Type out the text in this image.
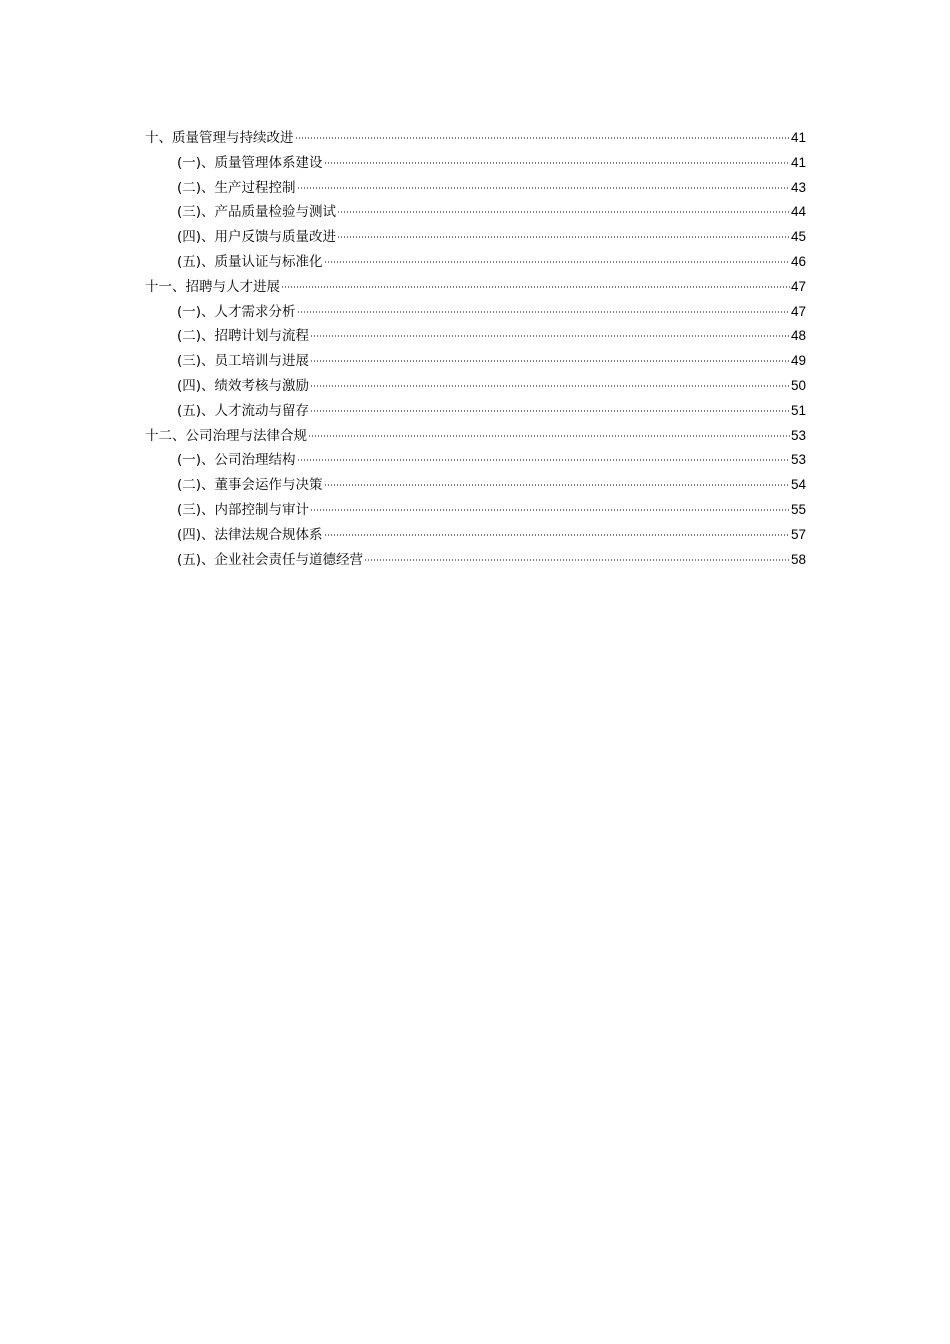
十、质量管理与持续改进	41
(一)、质量管理体系建设	41
(二)、生产过程控制	43
(三)、产品质量检验与测试	44
(四)、用户反馈与质量改进	45
(五)、质量认证与标准化	46
十一、招聘与人才进展	47
(一)、人才需求分析	47
(二)、招聘计划与流程	48
(三)、员工培训与进展	49
(四)、绩效考核与激励	50
(五)、人才流动与留存	51
十二、公司治理与法律合规	53
(一)、公司治理结构	53
(二)、董事会运作与决策	54
(三)、内部控制与审计	55
(四)、法律法规合规体系	57
(五)、企业社会责任与道德经营	58
